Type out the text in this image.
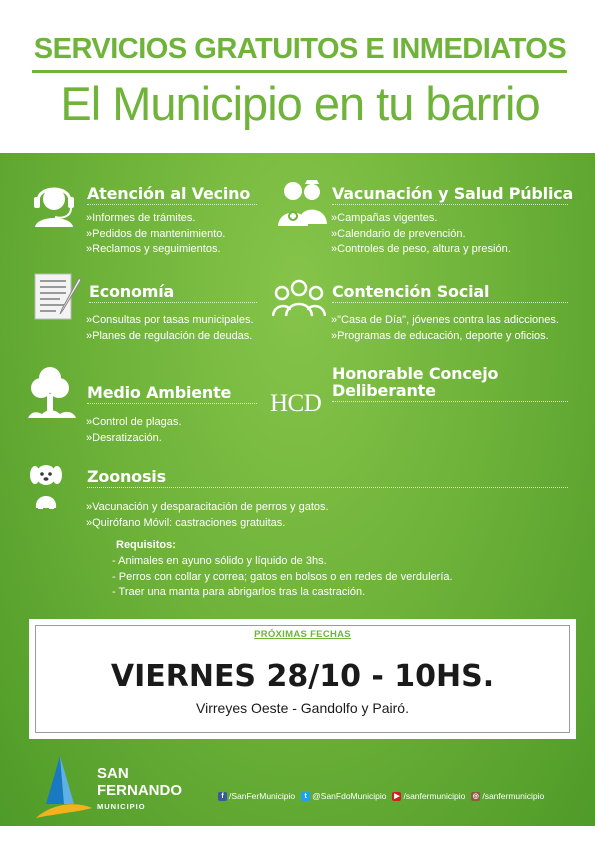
SERVICIOS GRATUITOS E INMEDIATOS
El Municipio en tu barrio
Atención al Vecino
» Informes de trámites.
» Pedidos de mantenimiento.
» Reclamos y seguimientos.
Vacunación y Salud Pública
» Campañas vigentes.
» Calendario de prevención.
» Controles de peso, altura y presión.
Economía
» Consultas por tasas municipales.
» Planes de regulación de deudas.
Contención Social
» "Casa de Día", jóvenes contra las adicciones.
» Programas de educación, deporte y oficios.
Medio Ambiente
» Control de plagas.
» Desratización.
HCD
Honorable Concejo
Deliberante
Zoonosis
» Vacunación y desparacitación de perros y gatos.
» Quirófano Móvil: castraciones gratuitas.
Requisitos:
- Animales en ayuno sólido y líquido de 3hs.
- Perros con collar y correa; gatos en bolsos o en redes de verdulería.
- Traer una manta para abrigarlos tras la castración.
PRÓXIMAS FECHAS
VIERNES 28/10 - 10HS.
Virreyes Oeste - Gandolfo y Pairó.
SAN
FERNANDO
MUNICIPIO
f /SanFerMunicipio	t @SanFdoMunicipio ▶ /sanfermunicipio ◎ /sanfermunicipio
